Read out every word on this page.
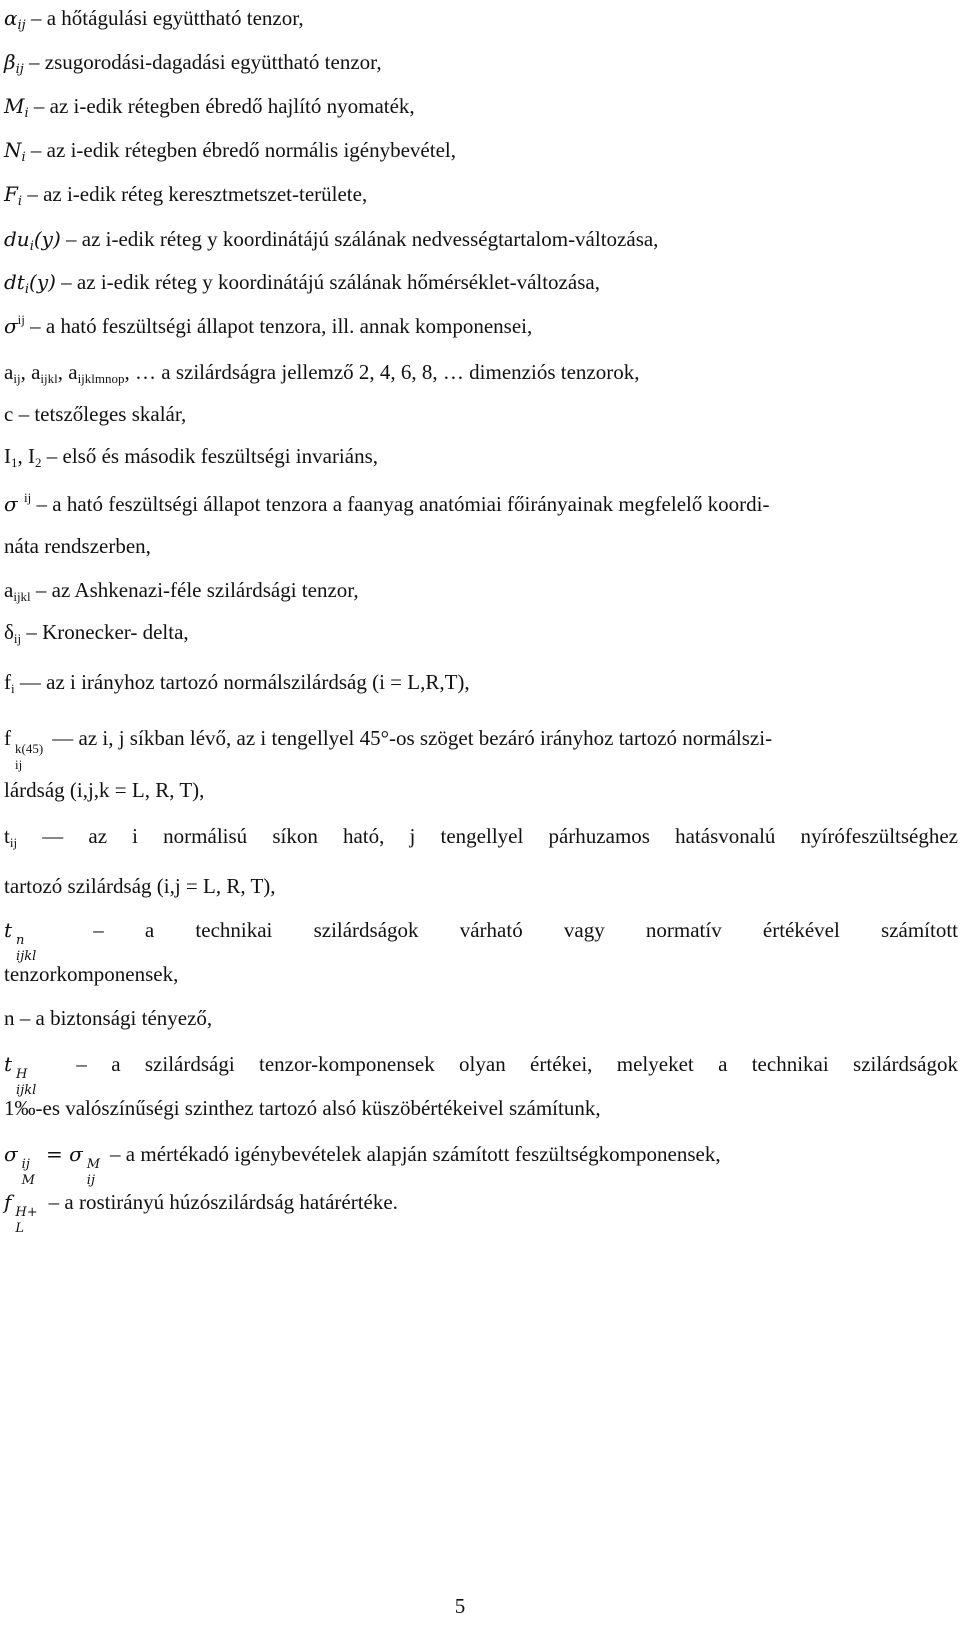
$\alpha_{ij}$ – a hőtágulási együttható tenzor,
$\beta_{ij}$ – zsugorodási-dagadási együttható tenzor,
$M_i$ – az i-edik rétegben ébredő hajlító nyomaték,
$N_i$ – az i-edik rétegben ébredő normális igénybevétel,
$F_i$ – az i-edik réteg keresztmetszet-területe,
$du_i(y)$ – az i-edik réteg y koordinátájú szálának nedvességtartalom-változása,
$dt_i(y)$ – az i-edik réteg y koordinátájú szálának hőmérséklet-változása,
$\sigma^{ij}$ – a ható feszültségi állapot tenzora, ill. annak komponensei,
$a_{ij}$, $a_{ijkl}$, $a_{ijklmnop}$, … a szilárdságra jellemző 2, 4, 6, 8, … dimenziós tenzorok,
c – tetszőleges skalár,
$I_1$, $I_2$ – első és második feszültségi invariáns,
σ $^{ij}$ – a ható feszültségi állapot tenzora a faanyag anatómiai főirányainak megfelelő koordi-
náta rendszerben,
$a_{ijkl}$ – az Ashkenazi-féle szilárdsági tenzor,
$\delta_{ij}$ – Kronecker- delta,
$f_i$ — az i irányhoz tartozó normálszilárdság (i = L,R,T),
f k(45)
ij
— az i, j síkban lévő, az i tengellyel 45°-os szöget bezáró irányhoz tartozó normálszi-
lárdság (i,j,k = L, R, T),
$t_{ij}$ — az i normálisú síkon ható, j tengellyel párhuzamos hatásvonalú nyírófeszültséghez
tartozó szilárdság (i,j = L, R, T),
t n
ijkl
– a technikai szilárdságok várható vagy normatív értékével számított
tenzorkomponensek,
n – a biztonsági tényező,
t H
ijkl
– a szilárdsági tenzor-komponensek olyan értékei, melyeket a technikai szilárdságok
1‰-es valószínűségi szinthez tartozó alsó küszöbértékeivel számítunk,
σ ij
M
= σ M
ij
– a mértékadó igénybevételek alapján számított feszültségkomponensek,
f H+
L
– a rostirányú húzószilárdság határértéke.
5
